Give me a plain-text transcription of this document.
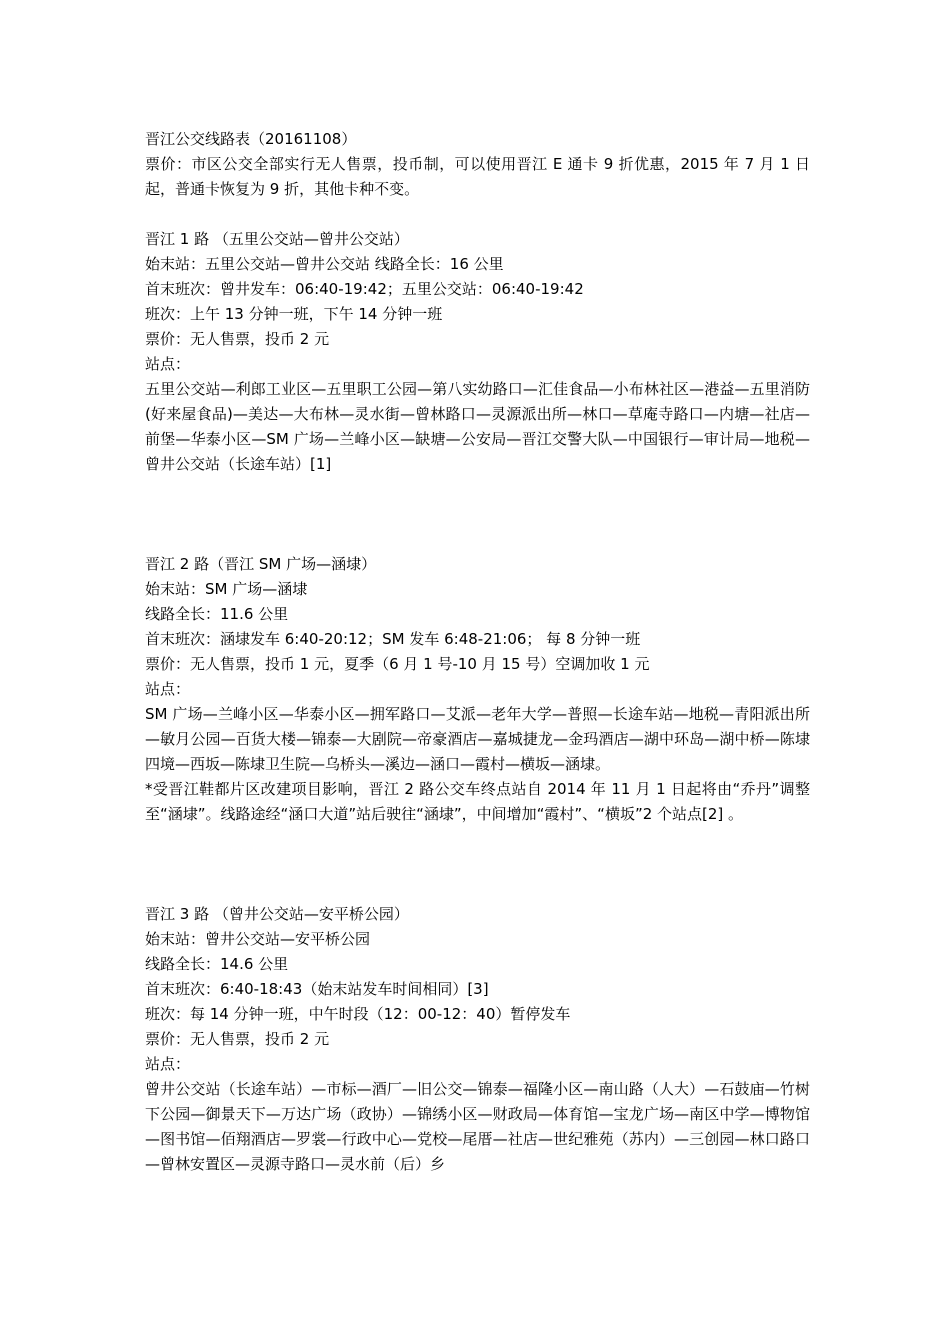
晋江公交线路表（20161108）
票价：市区公交全部实行无人售票，投币制，可以使用晋江 E 通卡 9 折优惠，2015 年 7 月 1 日起，普通卡恢复为 9 折，其他卡种不变。
晋江 1 路 （五里公交站—曾井公交站）
始末站：五里公交站—曾井公交站 线路全长：16 公里
首末班次：曾井发车：06:40-19:42；五里公交站：06:40-19:42
班次：上午 13 分钟一班，下午 14 分钟一班
票价：无人售票，投币 2 元
站点：
五里公交站—利郎工业区—五里职工公园—第八实幼路口—汇佳食品—小布林社区—港益—五里消防(好来屋食品)—美达—大布林—灵水街—曾林路口—灵源派出所—林口—草庵寺路口—内塘—社店—前堡—华泰小区—SM 广场—兰峰小区—缺塘—公安局—晋江交警大队—中国银行—审计局—地税—曾井公交站（长途车站）[1]
晋江 2 路（晋江 SM 广场—涵埭）
始末站：SM 广场—涵埭
线路全长：11.6 公里
首末班次：涵埭发车 6:40-20:12；SM 发车 6:48-21:06； 每 8 分钟一班
票价：无人售票，投币 1 元，夏季（6 月 1 号-10 月 15 号）空调加收 1 元
站点：
SM 广场—兰峰小区—华泰小区—拥军路口—艾派—老年大学—普照—长途车站—地税—青阳派出所—敏月公园—百货大楼—锦泰—大剧院—帝豪酒店—嘉城捷龙—金玛酒店—湖中环岛—湖中桥—陈埭四境—西坂—陈埭卫生院—乌桥头—溪边—涵口—霞村—横坂—涵埭。
*受晋江鞋都片区改建项目影响，晋江 2 路公交车终点站自 2014 年 11 月 1 日起将由“乔丹”调整至“涵埭”。线路途经“涵口大道”站后驶往“涵埭”，中间增加“霞村”、“横坂”2 个站点[2] 。
晋江 3 路 （曾井公交站—安平桥公园）
始末站：曾井公交站—安平桥公园
线路全长：14.6 公里
首末班次：6:40-18:43（始末站发车时间相同）[3]
班次：每 14 分钟一班，中午时段（12：00-12：40）暂停发车
票价：无人售票，投币 2 元
站点：
曾井公交站（长途车站）—市标—酒厂—旧公交—锦泰—福隆小区—南山路（人大）—石鼓庙—竹树下公园—御景天下—万达广场（政协）—锦绣小区—财政局—体育馆—宝龙广场—南区中学—博物馆—图书馆—佰翔酒店—罗裳—行政中心—党校—尾厝—社店—世纪雅苑（苏内）—三创园—林口路口—曾林安置区—灵源寺路口—灵水前（后）乡
